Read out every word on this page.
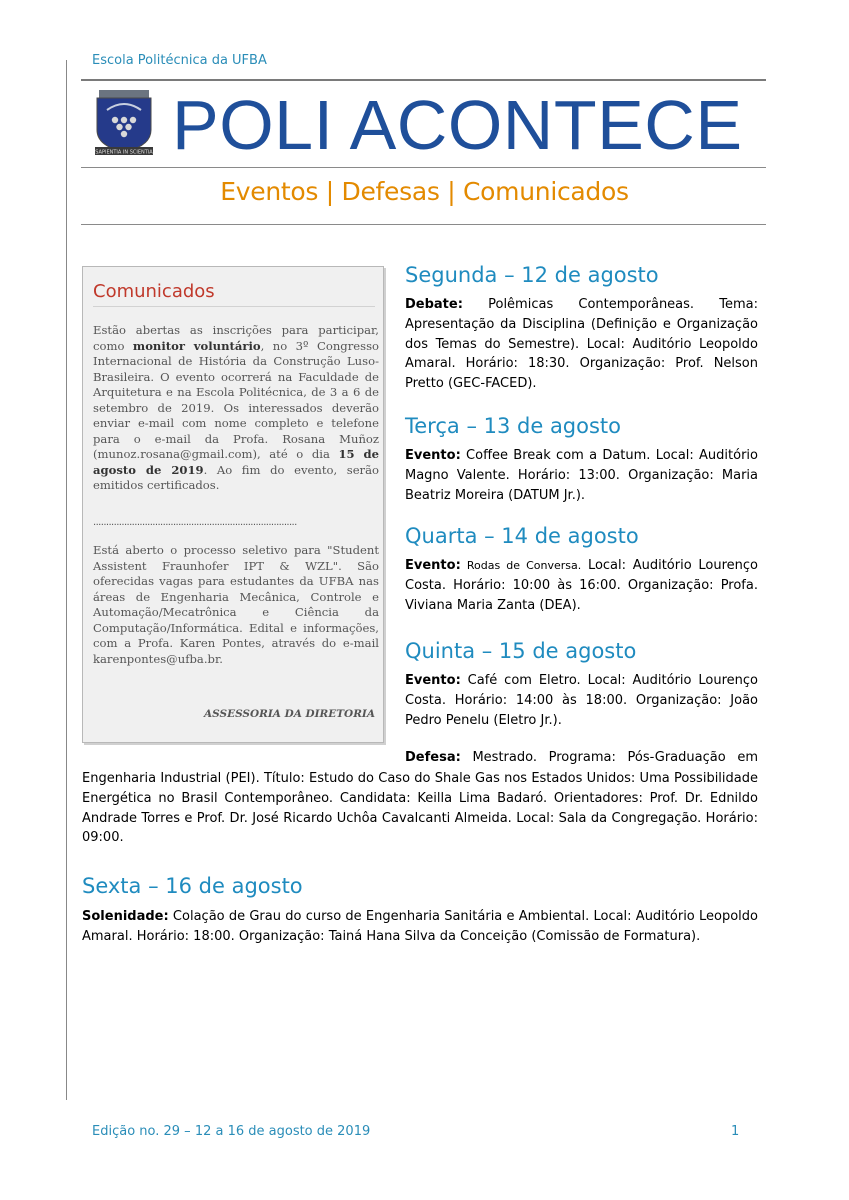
Escola Politécnica da UFBA
SAPIENTIA IN SCIENTIA POLI ACONTECE
Eventos | Defesas | Comunicados
Comunicados
Estão abertas as inscrições para participar, como monitor voluntário, no 3º Congresso Internacional de História da Construção Luso-Brasileira. O evento ocorrerá na Faculdade de Arquitetura e na Escola Politécnica, de 3 a 6 de setembro de 2019. Os interessados deverão enviar e-mail com nome completo e telefone para o e-mail da Profa. Rosana Muñoz (munoz.rosana@gmail.com), até o dia 15 de agosto de 2019. Ao fim do evento, serão emitidos certificados.
...............................................................................
Está aberto o processo seletivo para "Student Assistent Fraunhofer IPT & WZL". São oferecidas vagas para estudantes da UFBA nas áreas de Engenharia Mecânica, Controle e Automação/Mecatrônica e Ciência da Computação/Informática. Edital e informações, com a Profa. Karen Pontes, através do e-mail karenpontes@ufba.br.
ASSESSORIA DA DIRETORIA
Segunda – 12 de agosto
Debate: Polêmicas Contemporâneas. Tema: Apresentação da Disciplina (Definição e Organização dos Temas do Semestre). Local: Auditório Leopoldo Amaral. Horário: 18:30. Organização: Prof. Nelson Pretto (GEC-FACED).
Terça – 13 de agosto
Evento: Coffee Break com a Datum. Local: Auditório Magno Valente. Horário: 13:00. Organização: Maria Beatriz Moreira (DATUM Jr.).
Quarta – 14 de agosto
Evento: Rodas de Conversa. Local: Auditório Lourenço Costa. Horário: 10:00 às 16:00. Organização: Profa. Viviana Maria Zanta (DEA).
Quinta – 15 de agosto
Evento: Café com Eletro. Local: Auditório Lourenço Costa. Horário: 14:00 às 18:00. Organização: João Pedro Penelu (Eletro Jr.).
Defesa: Mestrado. Programa: Pós-Graduação em
Engenharia Industrial (PEI). Título: Estudo do Caso do Shale Gas nos Estados Unidos: Uma Possibilidade Energética no Brasil Contemporâneo. Candidata: Keilla Lima Badaró. Orientadores: Prof. Dr. Ednildo Andrade Torres e Prof. Dr. José Ricardo Uchôa Cavalcanti Almeida. Local: Sala da Congregação. Horário: 09:00.
Sexta – 16 de agosto
Solenidade: Colação de Grau do curso de Engenharia Sanitária e Ambiental. Local: Auditório Leopoldo Amaral. Horário: 18:00. Organização: Tainá Hana Silva da Conceição (Comissão de Formatura).
Edição no. 29 – 12 a 16 de agosto de 2019	1
